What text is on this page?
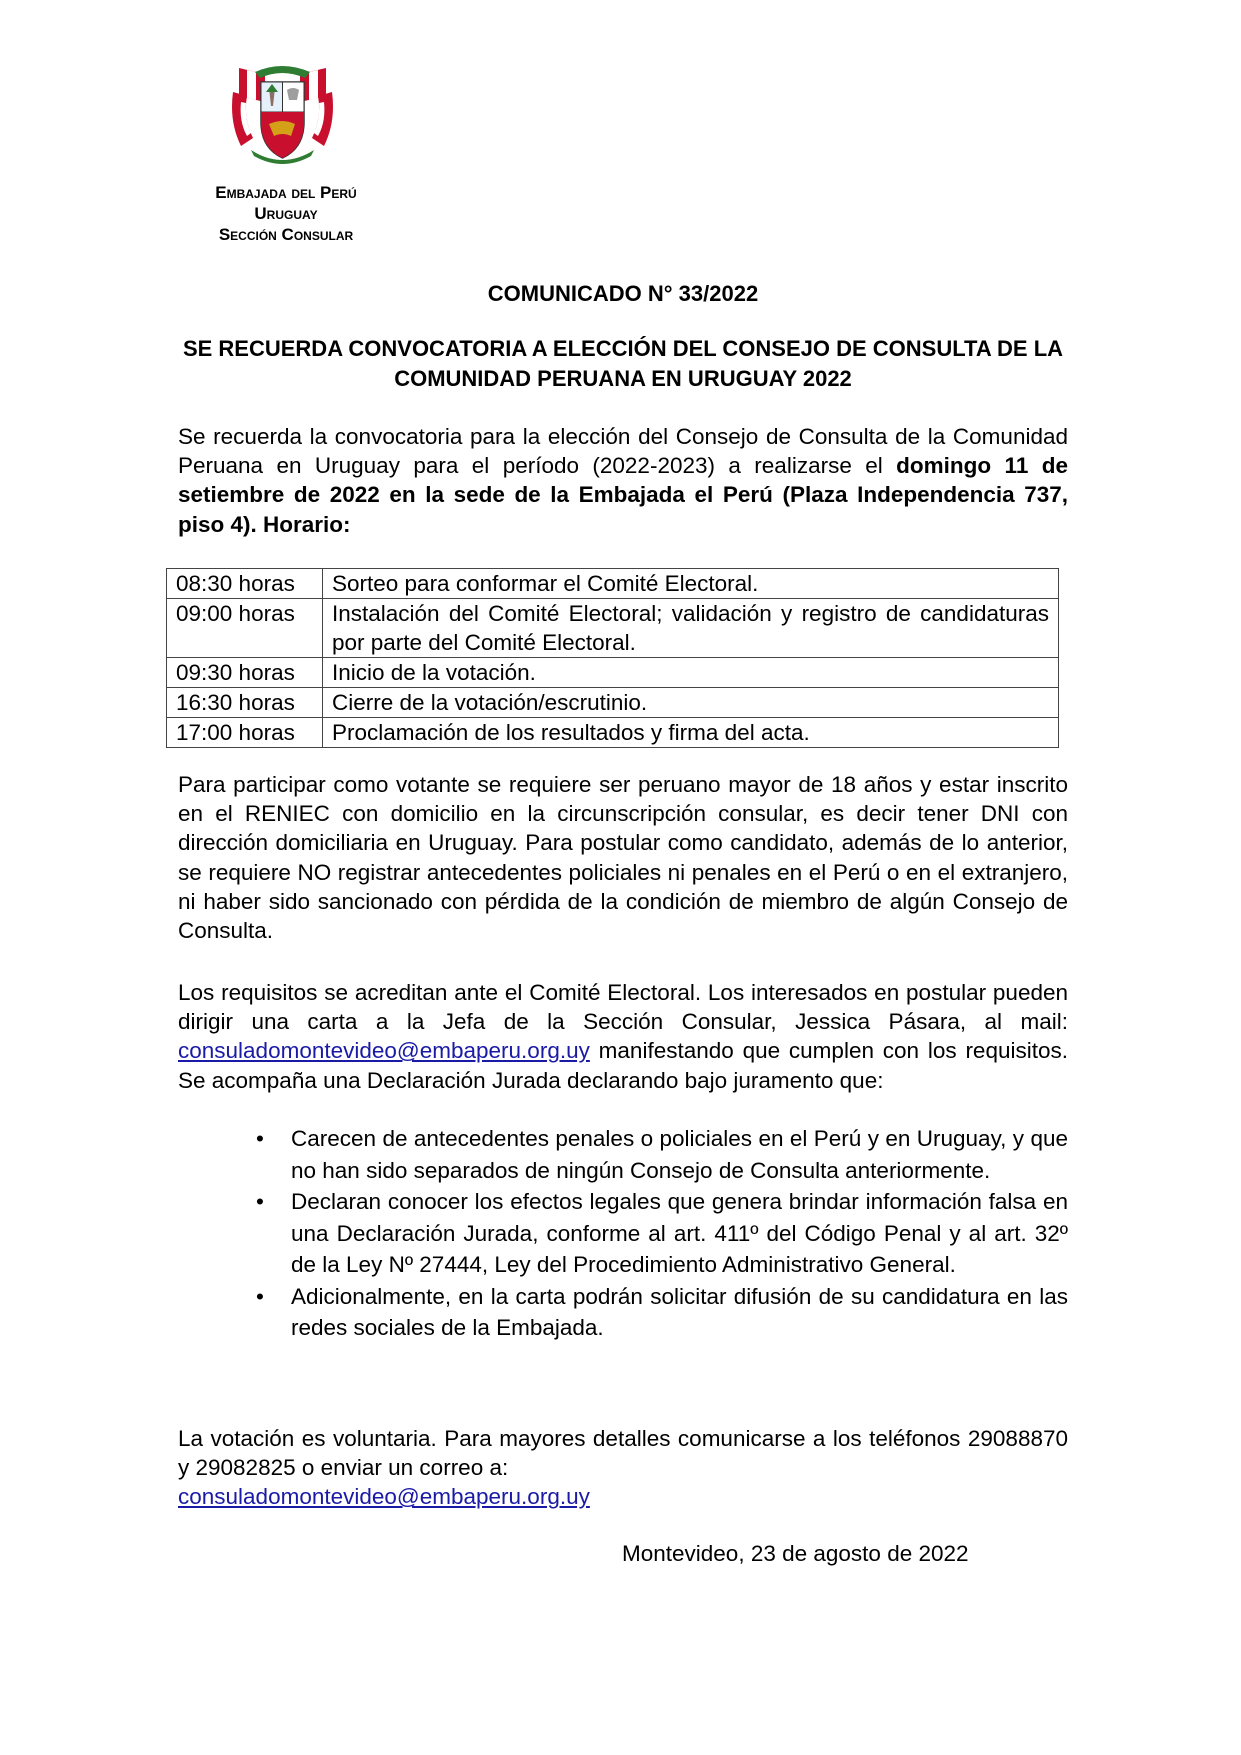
Embajada del Perú
Uruguay
Sección Consular
COMUNICADO N° 33/2022
SE RECUERDA CONVOCATORIA A ELECCIÓN DEL CONSEJO DE CONSULTA DE LA COMUNIDAD PERUANA EN URUGUAY 2022
Se recuerda la convocatoria para la elección del Consejo de Consulta de la Comunidad Peruana en Uruguay para el período (2022-2023) a realizarse el domingo 11 de setiembre de 2022 en la sede de la Embajada el Perú (Plaza Independencia 737, piso 4). Horario:
08:30 horas	Sorteo para conformar el Comité Electoral.
09:00 horas	Instalación del Comité Electoral; validación y registro de candidaturas por parte del Comité Electoral.
09:30 horas	Inicio de la votación.
16:30 horas	Cierre de la votación/escrutinio.
17:00 horas	Proclamación de los resultados y firma del acta.
Para participar como votante se requiere ser peruano mayor de 18 años y estar inscrito en el RENIEC con domicilio en la circunscripción consular, es decir tener DNI con dirección domiciliaria en Uruguay. Para postular como candidato, además de lo anterior, se requiere NO registrar antecedentes policiales ni penales en el Perú o en el extranjero, ni haber sido sancionado con pérdida de la condición de miembro de algún Consejo de Consulta.
Los requisitos se acreditan ante el Comité Electoral. Los interesados en postular pueden dirigir una carta a la Jefa de la Sección Consular, Jessica Pásara, al mail: consuladomontevideo@embaperu.org.uy manifestando que cumplen con los requisitos. Se acompaña una Declaración Jurada declarando bajo juramento que:
• Carecen de antecedentes penales o policiales en el Perú y en Uruguay, y que no han sido separados de ningún Consejo de Consulta anteriormente.
• Declaran conocer los efectos legales que genera brindar información falsa en una Declaración Jurada, conforme al art. 411º del Código Penal y al art. 32º de la Ley Nº 27444, Ley del Procedimiento Administrativo General.
• Adicionalmente, en la carta podrán solicitar difusión de su candidatura en las redes sociales de la Embajada.
La votación es voluntaria. Para mayores detalles comunicarse a los teléfonos 29088870 y 29082825 o enviar un correo a:
consuladomontevideo@embaperu.org.uy
Montevideo, 23 de agosto de 2022
